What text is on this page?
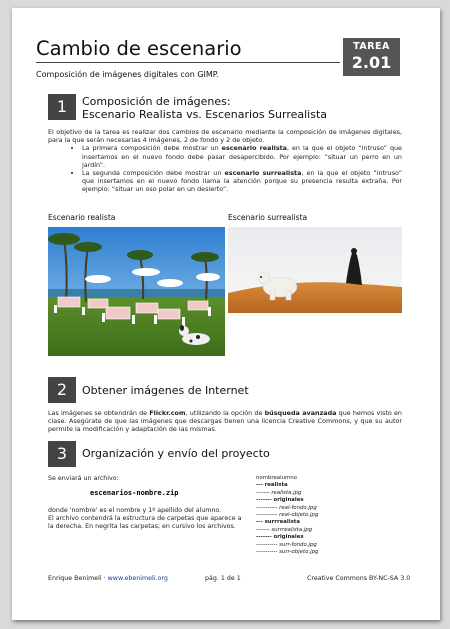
Cambio de escenario
Composición de imágenes digitales con GIMP.
TAREA
2.01
1	Composición de imágenes:
Escenario Realista vs. Escenarios Surrealista
El objetivo de la tarea es realizar dos cambios de escenario mediante la composición de imágenes digitales, para la que serán necesarias 4 imágenes, 2 de fondo y 2 de objeto.
• La primera composición debe mostrar un escenario realista, en la que el objeto “intruso” que insertamos en el nuevo fondo debe pasar desapercibido. Por ejemplo: “situar un perro en un jardín”.
• La segunda composición debe mostrar un escenario surrealista, en la que el objeto “intruso” que insertamos en el nuevo fondo llama la atención porque su presencia resulta extraña. Por ejemplo: “situar un oso polar en un desierto”.
Escenario realista	Escenario surrealista
2	Obtener imágenes de Internet
Las imágenes se obtendrán de Flickr.com, utilizando la opción de búsqueda avanzada que hemos visto en clase. Asegúrate de que las imágenes que descargas tienen una licencia Creative Commons, y que su autor permite la modificación y adaptación de las mismas.
3	Organización y envío del proyecto
Se enviará un archivo:
escenarios-nombre.zip
donde 'nombre' es el nombre y 1º apellido del alumno.
El archivo contendrá la estructura de carpetas que aparece a la derecha. En negrita las carpetas; en cursivo los archivos.
nombrealumno
--- realista
------- realista.jpg
------- originales
----------- real-fondo.jpg
----------- real-objeto.jpg
--- surrrealista
------- surrrealista.jpg
------- originales
----------- surr-fondo.jpg
----------- surr-objeto.jpg
Enrique Benimeli · www.ebenimeli.org	pág. 1 de 1	Creative Commons BY-NC-SA 3.0
